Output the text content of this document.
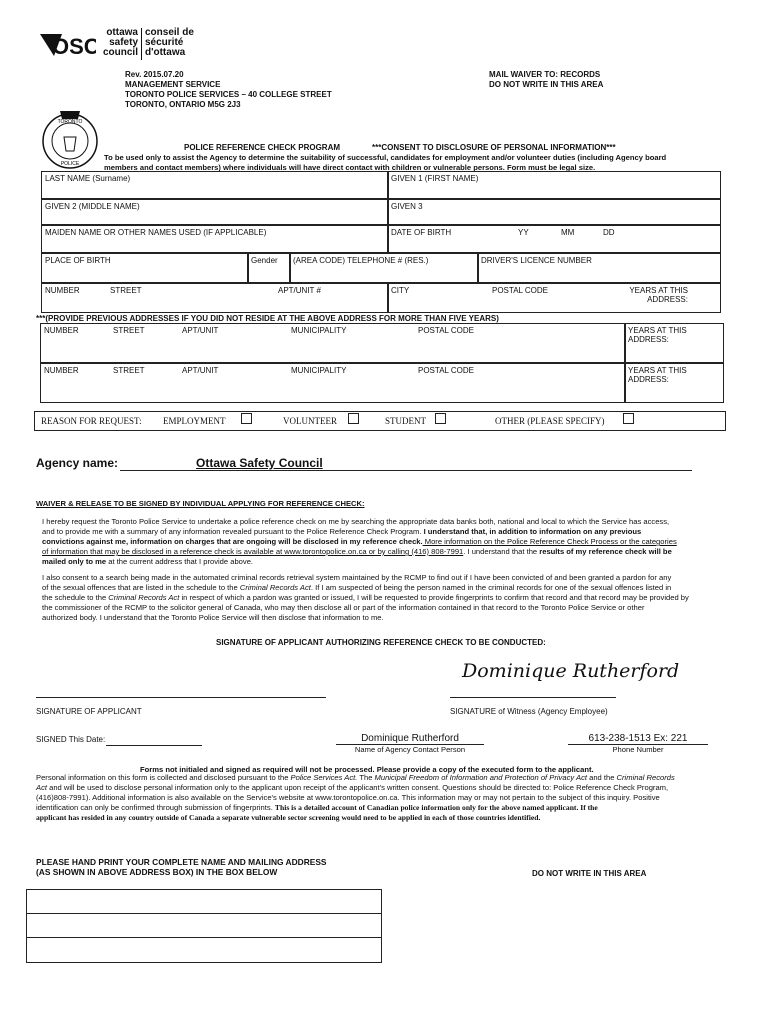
OSC
ottawa
safety
council
conseil de
sécurité
d'ottawa
Rev. 2015.07.20
MANAGEMENT SERVICE
TORONTO POLICE SERVICES – 40 COLLEGE STREET
TORONTO, ONTARIO M5G 2J3
MAIL WAIVER TO: RECORDS
DO NOT WRITE IN THIS AREA
TORONTO
POLICE
POLICE REFERENCE CHECK PROGRAM	***CONSENT TO DISCLOSURE OF PERSONAL INFORMATION***
To be used only to assist the Agency to determine the suitability of successful, candidates for employment and/or volunteer duties (including Agency board
members and contact members) where individuals will have direct contact with children or vulnerable persons. Form must be legal size.
LAST NAME (Surname)	GIVEN 1 (FIRST NAME)
GIVEN 2 (MIDDLE NAME)	GIVEN 3
MAIDEN NAME OR OTHER NAMES USED (IF APPLICABLE)	DATE OF BIRTH	YY	MM	DD
PLACE OF BIRTH	Gender	(AREA CODE) TELEPHONE # (RES.)	DRIVER'S LICENCE NUMBER
NUMBER	STREET	APT/UNIT #	CITY	POSTAL CODE	YEARS AT THIS
ADDRESS:
***(PROVIDE PREVIOUS ADDRESSES IF YOU DID NOT RESIDE AT THE ABOVE ADDRESS FOR MORE THAN FIVE YEARS)
NUMBER	STREET	APT/UNIT	MUNICIPALITY	POSTAL CODE	YEARS AT THIS
ADDRESS:
NUMBER	STREET	APT/UNIT	MUNICIPALITY	POSTAL CODE	YEARS AT THIS
ADDRESS:
REASON FOR REQUEST: EMPLOYMENT	VOLUNTEER	STUDENT	OTHER (PLEASE SPECIFY)
Agency name:	Ottawa Safety Council
WAIVER & RELEASE TO BE SIGNED BY INDIVIDUAL APPLYING FOR REFERENCE CHECK:
I hereby request the Toronto Police Service to undertake a police reference check on me by searching the appropriate data banks both, national and local to which the Service has access,
and to provide me with a summary of any information revealed pursuant to the Police Reference Check Program. I understand that, in addition to information on any previous
convictions against me, information on charges that are ongoing will be disclosed in my reference check. More information on the Police Reference Check Process or the categories
of information that may be disclosed in a reference check is available at www.torontopolice.on.ca or by calling (416) 808-7991. I understand that the results of my reference check will be
mailed only to me at the current address that I provide above.
I also consent to a search being made in the automated criminal records retrieval system maintained by the RCMP to find out if I have been convicted of and been granted a pardon for any
of the sexual offences that are listed in the schedule to the Criminal Records Act. If I am suspected of being the person named in the criminal records for one of the sexual offences listed in
the schedule to the Criminal Records Act in respect of which a pardon was granted or issued, I will be requested to provide fingerprints to confirm that record and that record may be provided by
the commissioner of the RCMP to the solicitor general of Canada, who may then disclose all or part of the information contained in that record to the Toronto Police Service or other
authorized body. I understand that the Toronto Police Service will then disclose that information to me.
SIGNATURE OF APPLICANT AUTHORIZING REFERENCE CHECK TO BE CONDUCTED:
Dominique Rutherford
SIGNATURE OF APPLICANT	SIGNATURE of Witness (Agency Employee)
SIGNED This Date:	Dominique Rutherford
Name of Agency Contact Person
613-238-1513 Ex: 221
Phone Number
Forms not initialed and signed as required will not be processed. Please provide a copy of the executed form to the applicant.
Personal information on this form is collected and disclosed pursuant to the Police Services Act. The Municipal Freedom of Information and Protection of Privacy Act and the Criminal Records
Act and will be used to disclose personal information only to the applicant upon receipt of the applicant's written consent. Questions should be directed to: Police Reference Check Program,
(416)808-7991). Additional information is also available on the Service's website at www.torontopolice.on.ca. This information may or may not pertain to the subject of this inquiry. Positive
identification can only be confirmed through submission of fingerprints. This is a detailed account of Canadian police information only for the above named applicant. If the
applicant has resided in any country outside of Canada a separate vulnerable sector screening would need to be applied in each of those countries identified.
PLEASE HAND PRINT YOUR COMPLETE NAME AND MAILING ADDRESS
(AS SHOWN IN ABOVE ADDRESS BOX) IN THE BOX BELOW	DO NOT WRITE IN THIS AREA
